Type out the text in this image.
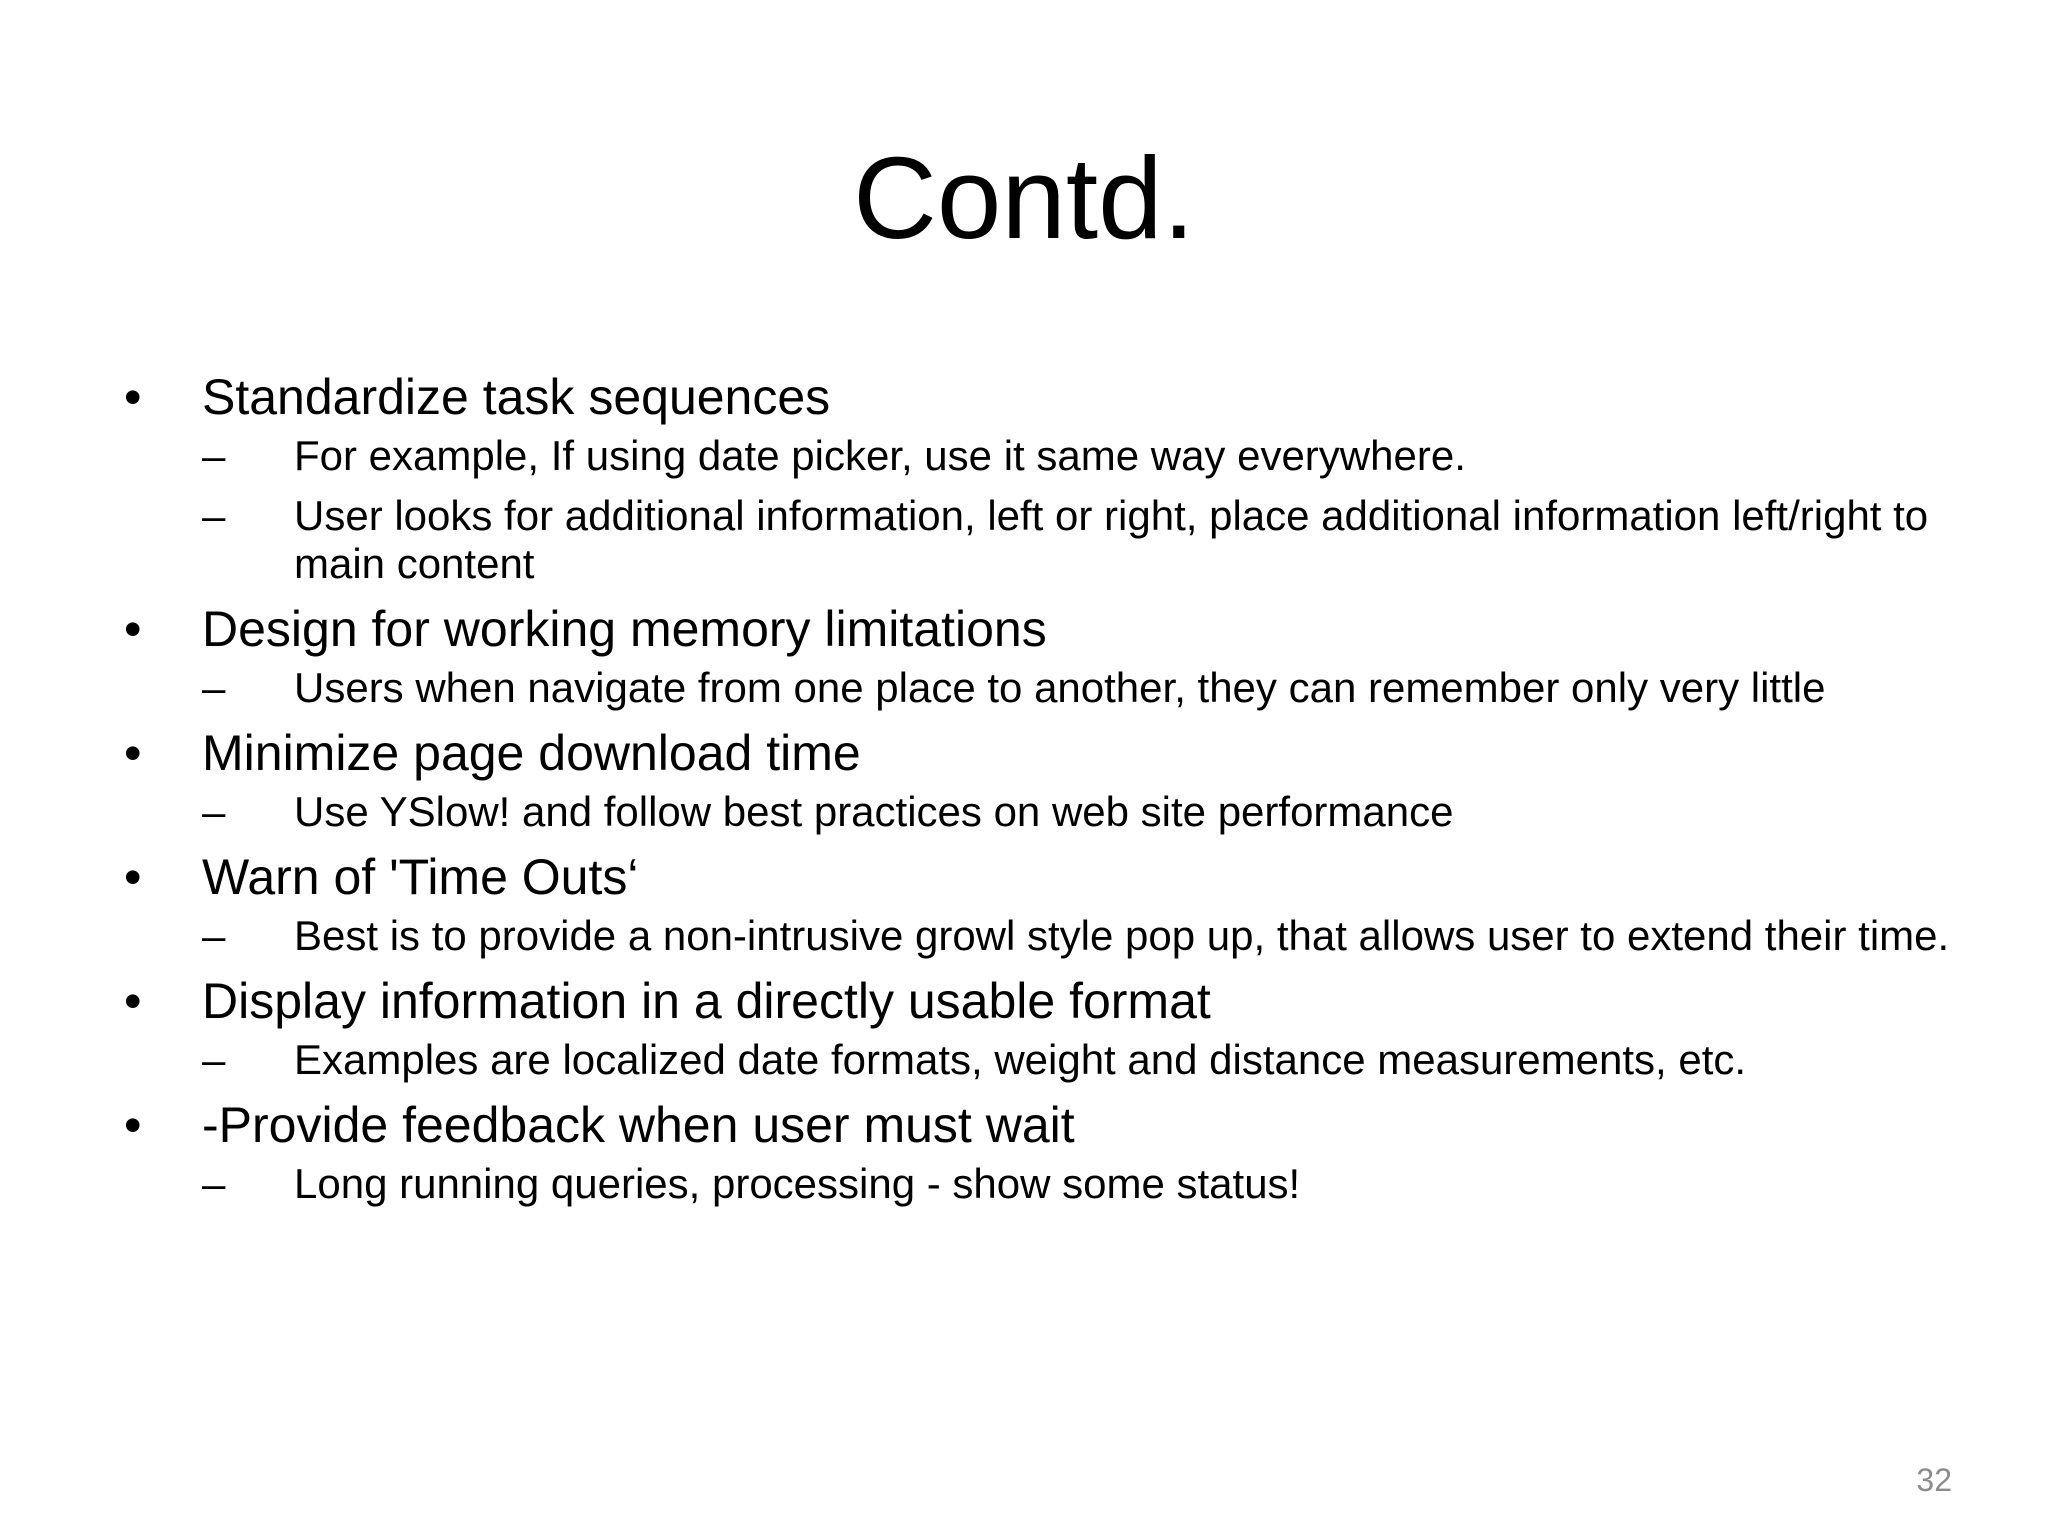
Contd.
• Standardize task sequences
– For example, If using date picker, use it same way everywhere.
– User looks for additional information, left or right, place additional information left/right to main content
• Design for working memory limitations
– Users when navigate from one place to another, they can remember only very little
• Minimize page download time
– Use YSlow! and follow best practices on web site performance
• Warn of 'Time Outs‘
– Best is to provide a non-intrusive growl style pop up, that allows user to extend their time.
• Display information in a directly usable format
– Examples are localized date formats, weight and distance measurements, etc.
• -Provide feedback when user must wait
– Long running queries, processing - show some status!
32
